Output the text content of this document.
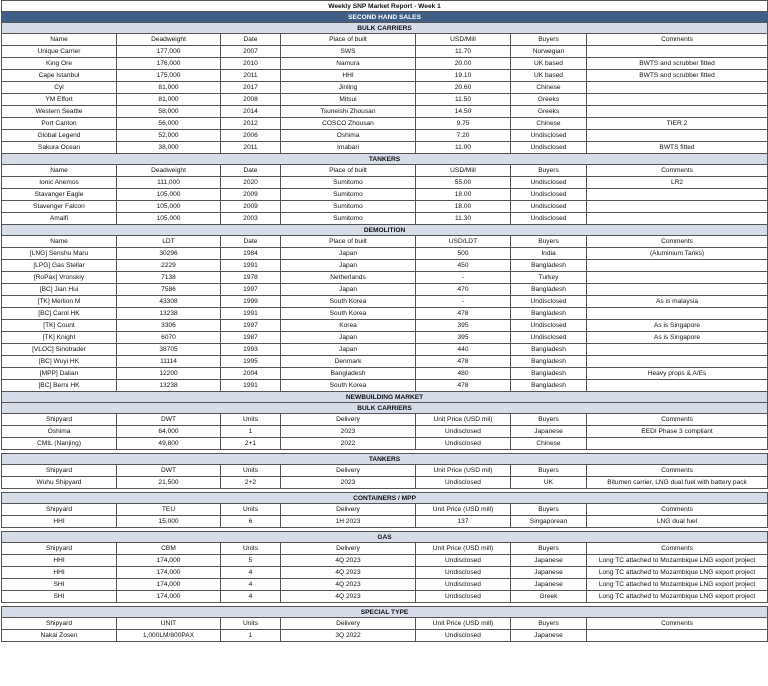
Weekly SNP Market Report - Week 1						
SECOND HAND SALES						
BULK CARRIERS						
Name	Deadweight	Date	Place of built	USD/Mill	Buyers	Comments
Unique Carrier	177,000	2007	SWS	11.70	Norwegian	
King Ore	176,000	2010	Namura	20.00	UK based	BWTS and scrubber fitted
Cape Istanbul	175,000	2011	HHI	19.10	UK based	BWTS and scrubber fitted
Cyl	81,000	2017	Jinling	20.60	Chinese	
YM Effort	81,000	2008	Mitsui	11.50	Greeks	
Western Seattle	58,000	2014	Tsuneishi Zhousan	14.50	Greeks	
Port Canton	56,000	2012	COSCO Zhousan	9.75	Chinese	TIER 2
Global Legend	52,000	2006	Oshima	7.20	Undisclosed	
Sakura Ocean	38,000	2011	Imabari	11.00	Undisclosed	BWTS fitted
TANKERS						
Name	Deadweight	Date	Place of built	USD/Mill	Buyers	Comments
Ionic Anemos	111,000	2020	Sumitomo	55.00	Undisclosed	LR2
Stavanger Eagle	105,000	2009	Sumitomo	18.00	Undisclosed	
Stavenger Falcon	105,000	2009	Sumitomo	18.00	Undisclosed	
Amalfi	105,000	2003	Sumitomo	11.30	Undisclosed	
DEMOLITION						
Name	LDT	Date	Place of built	USD/LDT	Buyers	Comments
[LNG] Senshu Maru	30296	1984	Japan	500	India	(Aluminium Tanks)
[LPG] Gas Stellar	2229	1991	Japan	450	Bangladesh	
[RoPax] Vronskiy	7138	1978	Netherlands	-	Turkey	
[BC] Jian Hui	7586	1997	Japan	470	Bangladesh	
[TK] Merlion M	43308	1999	South Korea	-	Undisclosed	As is malaysia
[BC] Carol HK	13238	1991	South Korea	478	Bangladesh	
[TK] Count	3306	1997	Korea	395	Undisclosed	As is Singapore
[TK] Knight	6070	1987	Japan	395	Undisclosed	As is Singapore
[VLOC] Sinotrader	38705	1993	Japan	440	Bangladesh	
[BC] Wuyi HK	11114	1995	Denmark	478	Bangladesh	
[MPP] Dalian	12200	2004	Bangladesh	480	Bangladesh	Heavy props & A/Es
[BC] Berni HK	13238	1991	South Korea	478	Bangladesh	
NEWBUILDING MARKET						
BULK CARRIERS						
Shipyard	DWT	Units	Delivery	Unit Price (USD mil)	Buyers	Comments
Oshima	64,000	1	2023	Undisclosed	Japanese	EEDI Phase 3 compliant
CMIL (Nanjing)	49,800	2+1	2022	Undisclosed	Chinese	

TANKERS						
Shipyard	DWT	Units	Delivery	Unit Price (USD mil)	Buyers	Comments
Wuhu Shipyard	21,500	2+2	2023	Undisclosed	UK	Bitumen carrier, LNG dual fuel with battery pack

CONTAINERS / MPP						
Shipyard	TEU	Units	Delivery	Unit Price (USD mill)	Buyers	Comments
HHI	15,000	6	1H 2023	137	Singaporean	LNG dual fuel

GAS						
Shipyard	CBM	Units	Delivery	Unit Price (USD mill)	Buyers	Comments
HHI	174,000	5	4Q 2023	Undisclosed	Japanese	Long TC attached to Mozambique LNG export project
HHI	174,000	4	4Q 2023	Undisclosed	Japanese	Long TC attached to Mozambique LNG export project
SHI	174,000	4	4Q 2023	Undisclosed	Japanese	Long TC attached to Mozambique LNG export project
SHI	174,000	4	4Q 2023	Undisclosed	Greek	Long TC attached to Mozambique LNG export project

SPECIAL TYPE						
Shipyard	UNIT	Units	Delivery	Unit Price (USD mill)	Buyers	Comments
Nakai Zosen	1,000LM/800PAX	1	3Q 2022	Undisclosed	Japanese	
